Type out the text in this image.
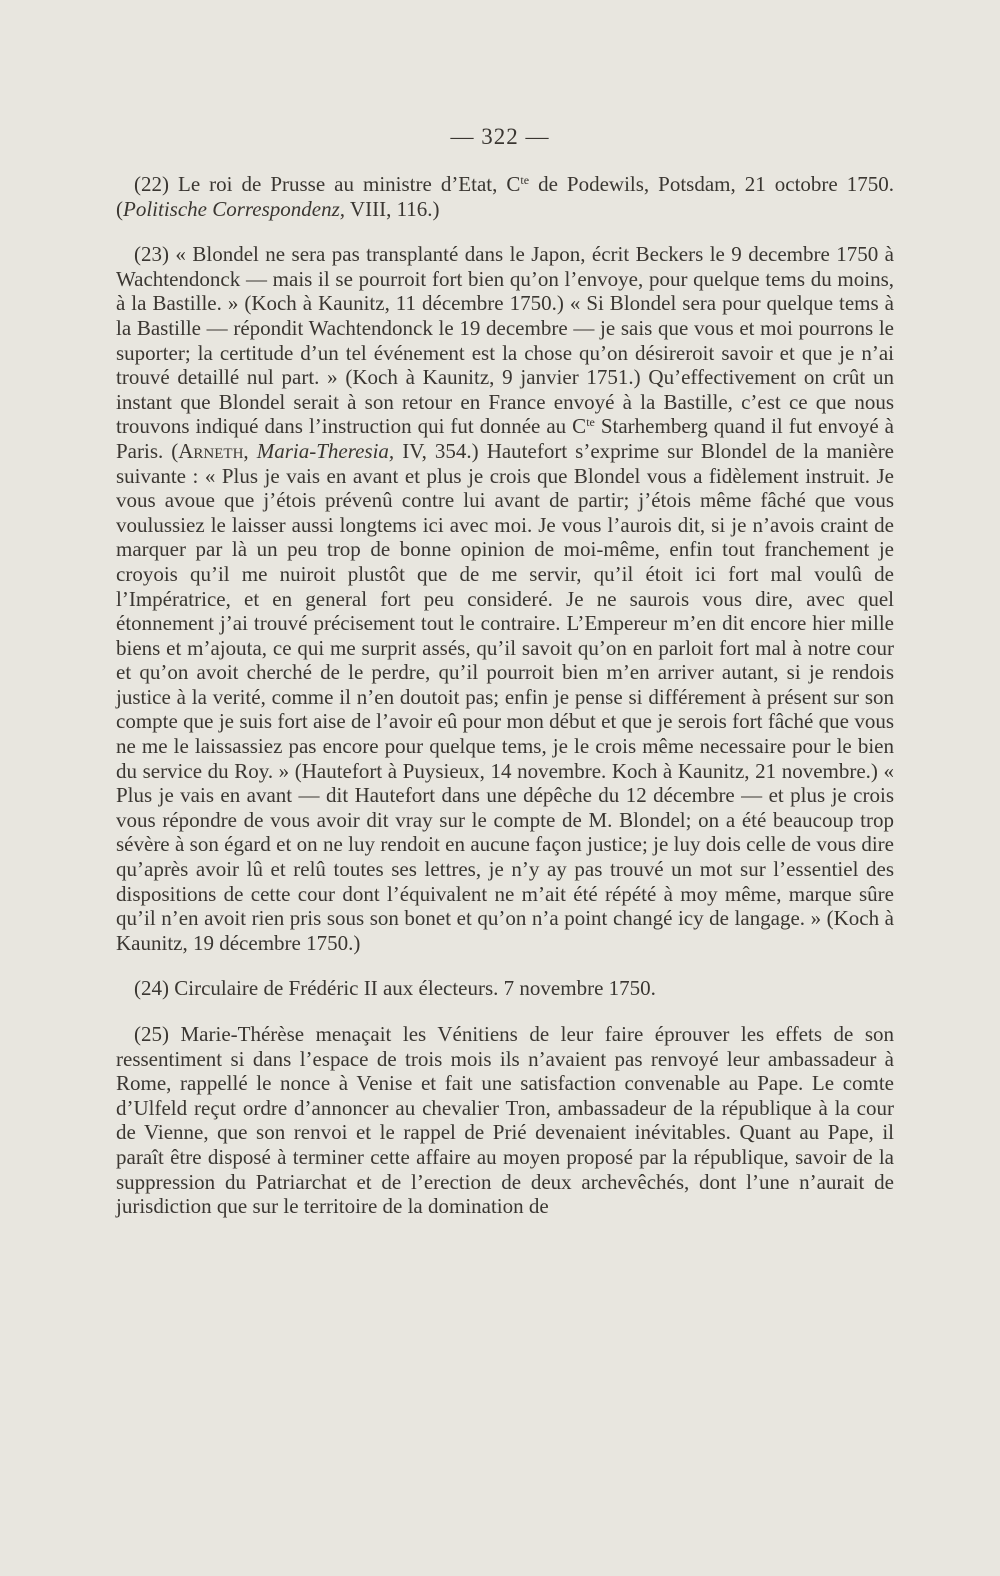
— 322 —

(22) Le roi de Prusse au ministre d’Etat, $C^{te}$ de Podewils, Potsdam, 21 octobre 1750. (Politische Correspondenz, VIII, 116.)

(23) « Blondel ne sera pas transplanté dans le Japon, écrit Beckers le 9 decembre 1750 à Wachtendonck — mais il se pourroit fort bien qu’on l’envoye, pour quelque tems du moins, à la Bastille. » (Koch à Kaunitz, 11 décembre 1750.) « Si Blondel sera pour quelque tems à la Bastille — répondit Wachtendonck le 19 decembre — je sais que vous et moi pourrons le suporter; la certitude d’un tel événement est la chose qu’on désireroit savoir et que je n’ai trouvé detaillé nul part. » (Koch à Kaunitz, 9 janvier 1751.) Qu’effectivement on crût un instant que Blondel serait à son retour en France envoyé à la Bastille, c’est ce que nous trouvons indiqué dans l’instruction qui fut donnée au $C^{te}$ Starhemberg quand il fut envoyé à Paris. (Arneth, Maria-Theresia, IV, 354.) Hautefort s’exprime sur Blondel de la manière suivante : « Plus je vais en avant et plus je crois que Blondel vous a fidèlement instruit. Je vous avoue que j’étois prévenû contre lui avant de partir; j’étois même fâché que vous voulussiez le laisser aussi longtems ici avec moi. Je vous l’aurois dit, si je n’avois craint de marquer par là un peu trop de bonne opinion de moi-même, enfin tout franchement je croyois qu’il me nuiroit plustôt que de me servir, qu’il étoit ici fort mal voulû de l’Impératrice, et en general fort peu consideré. Je ne saurois vous dire, avec quel étonnement j’ai trouvé précisement tout le contraire. L’Empereur m’en dit encore hier mille biens et m’ajouta, ce qui me surprit assés, qu’il savoit qu’on en parloit fort mal à notre cour et qu’on avoit cherché de le perdre, qu’il pourroit bien m’en arriver autant, si je rendois justice à la verité, comme il n’en doutoit pas; enfin je pense si différement à présent sur son compte que je suis fort aise de l’avoir eû pour mon début et que je serois fort fâché que vous ne me le laissassiez pas encore pour quelque tems, je le crois même necessaire pour le bien du service du Roy. » (Hautefort à Puysieux, 14 novembre. Koch à Kaunitz, 21 novembre.) « Plus je vais en avant — dit Hautefort dans une dépêche du 12 décembre — et plus je crois vous répondre de vous avoir dit vray sur le compte de M. Blondel; on a été beaucoup trop sévère à son égard et on ne luy rendoit en aucune façon justice; je luy dois celle de vous dire qu’après avoir lû et relû toutes ses lettres, je n’y ay pas trouvé un mot sur l’essentiel des dispositions de cette cour dont l’équivalent ne m’ait été répété à moy même, marque sûre qu’il n’en avoit rien pris sous son bonet et qu’on n’a point changé icy de langage. » (Koch à Kaunitz, 19 décembre 1750.)

(24) Circulaire de Frédéric II aux électeurs. 7 novembre 1750.

(25) Marie-Thérèse menaçait les Vénitiens de leur faire éprouver les effets de son ressentiment si dans l’espace de trois mois ils n’avaient pas renvoyé leur ambassadeur à Rome, rappellé le nonce à Venise et fait une satisfaction convenable au Pape. Le comte d’Ulfeld reçut ordre d’annoncer au chevalier Tron, ambassadeur de la république à la cour de Vienne, que son renvoi et le rappel de Prié devenaient inévitables. Quant au Pape, il paraît être disposé à terminer cette affaire au moyen proposé par la république, savoir de la suppression du Patriarchat et de l’erection de deux archevêchés, dont l’une n’aurait de jurisdiction que sur le territoire de la domination de
